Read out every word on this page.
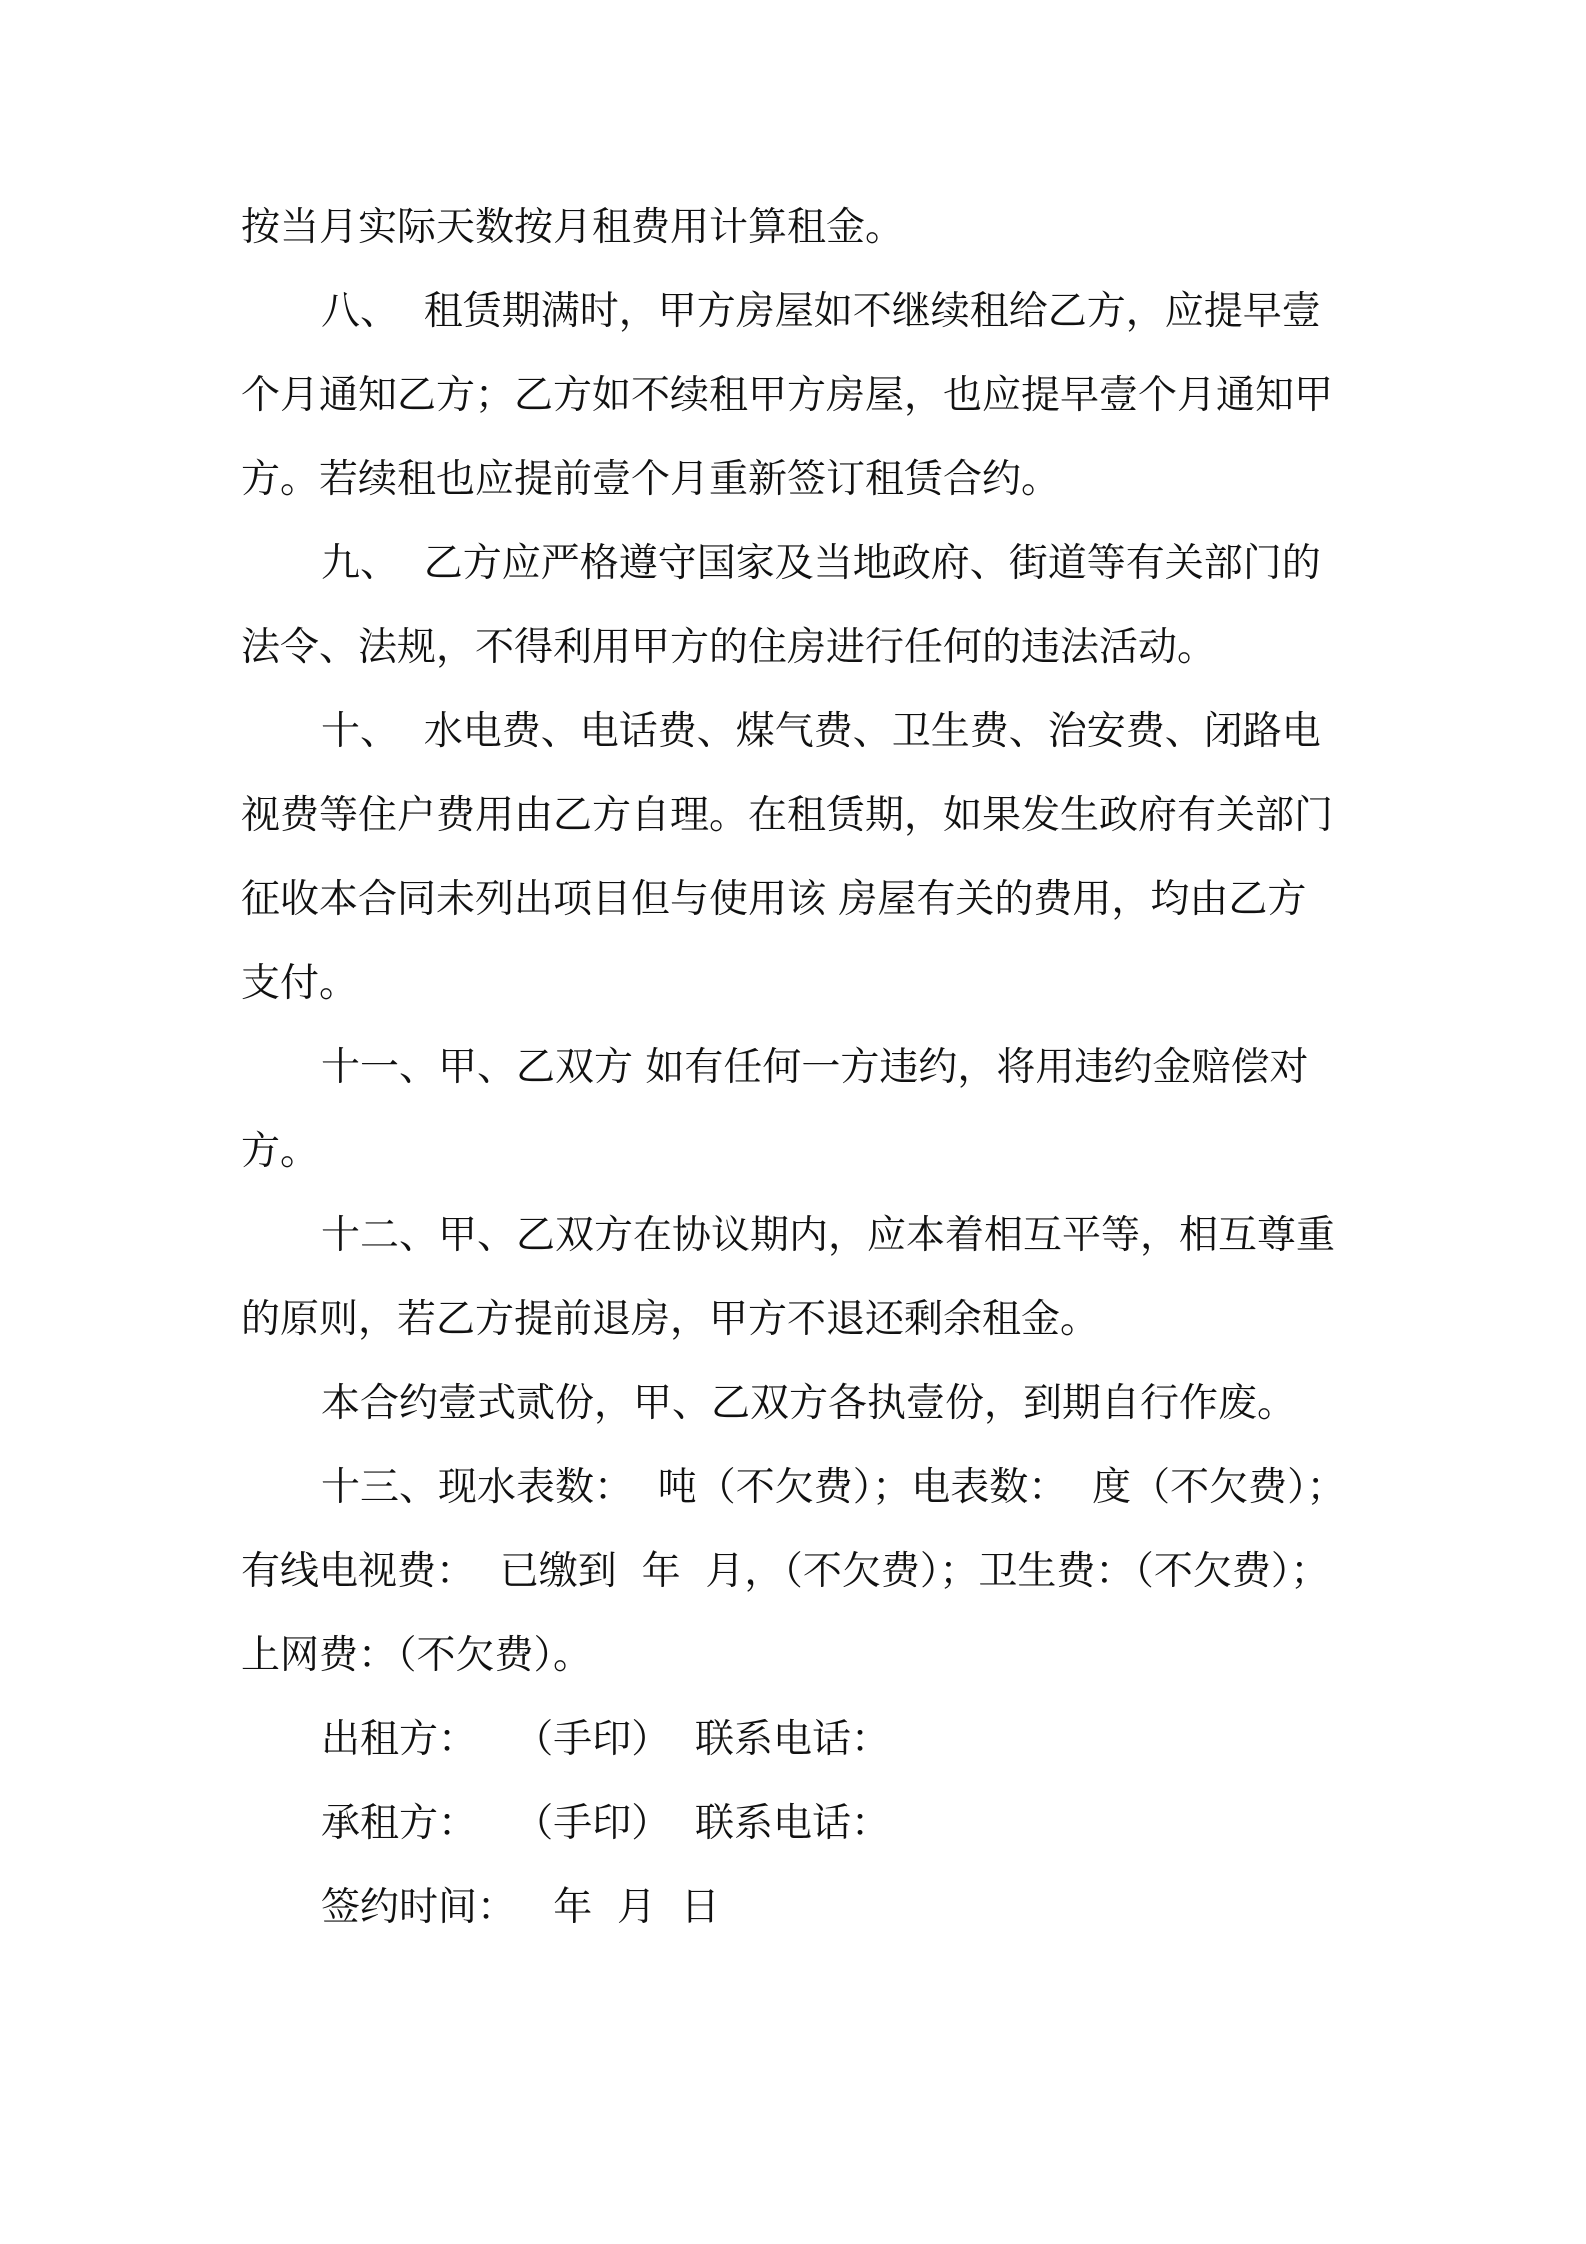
按当月实际天数按月租费用计算租金。
八、  租赁期满时，甲方房屋如不继续租给乙方，应提早壹
个月通知乙方；乙方如不续租甲方房屋，也应提早壹个月通知甲
方。若续租也应提前壹个月重新签订租赁合约。
九、  乙方应严格遵守国家及当地政府、街道等有关部门的
法令、法规，不得利用甲方的住房进行任何的违法活动。
十、  水电费、电话费、煤气费、卫生费、治安费、闭路电
视费等住户费用由乙方自理。在租赁期，如果发生政府有关部门
征收本合同未列出项目但与使用该 房屋有关的费用，均由乙方
支付。
十一、甲、乙双方 如有任何一方违约，将用违约金赔偿对
方。
十二、甲、乙双方在协议期内，应本着相互平等，相互尊重
的原则，若乙方提前退房，甲方不退还剩余租金。
本合约壹式贰份，甲、乙双方各执壹份，到期自行作废。
十三、现水表数：  吨（不欠费）；电表数：  度（不欠费）；
有线电视费：  已缴到  年  月，（不欠费）；卫生费：（不欠费）；
上网费：（不欠费）。
出租方：   （手印）  联系电话：
承租方：   （手印）  联系电话：
签约时间：   年  月  日
